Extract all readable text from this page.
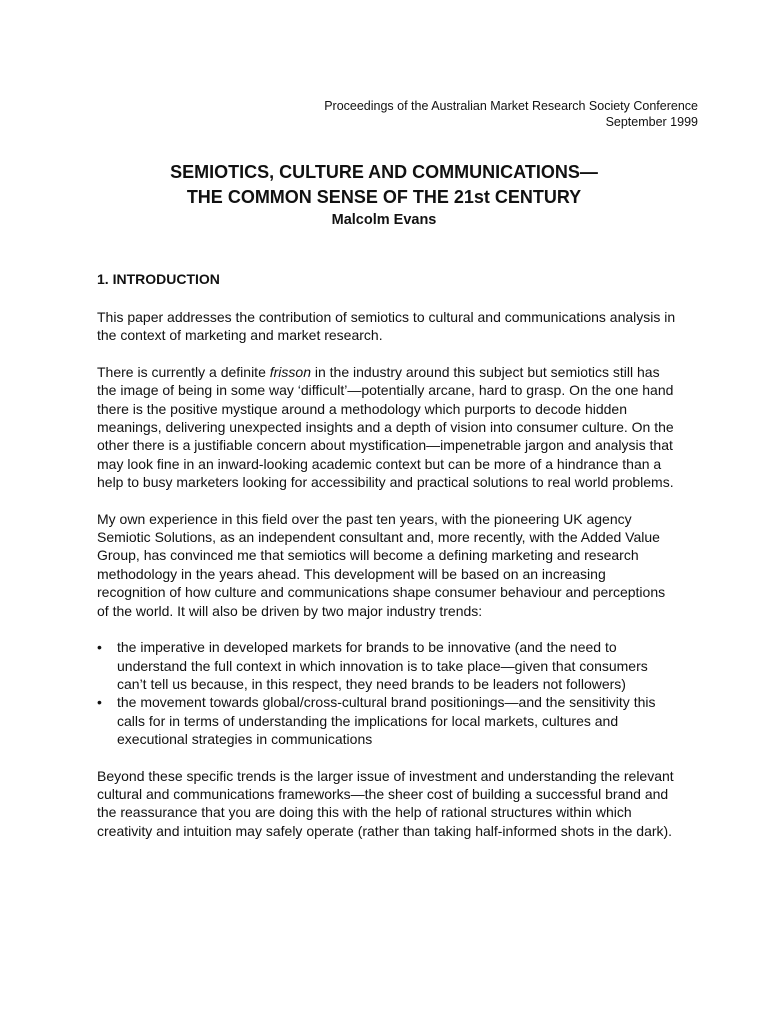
Proceedings of the Australian Market Research Society Conference
September 1999
SEMIOTICS, CULTURE AND COMMUNICATIONS—
THE COMMON SENSE OF THE 21st CENTURY
Malcolm Evans
1. INTRODUCTION

This paper addresses the contribution of semiotics to cultural and communications analysis in the context of marketing and market research.

There is currently a definite frisson in the industry around this subject but semiotics still has the image of being in some way ‘difficult’—potentially arcane, hard to grasp. On the one hand there is the positive mystique around a methodology which purports to decode hidden meanings, delivering unexpected insights and a depth of vision into consumer culture. On the other there is a justifiable concern about mystification—impenetrable jargon and analysis that may look fine in an inward-looking academic context but can be more of a hindrance than a help to busy marketers looking for accessibility and practical solutions to real world problems.

My own experience in this field over the past ten years, with the pioneering UK agency Semiotic Solutions, as an independent consultant and, more recently, with the Added Value Group, has convinced me that semiotics will become a defining marketing and research methodology in the years ahead. This development will be based on an increasing recognition of how culture and communications shape consumer behaviour and perceptions of the world. It will also be driven by two major industry trends:

• the imperative in developed markets for brands to be innovative (and the need to understand the full context in which innovation is to take place—given that consumers can’t tell us because, in this respect, they need brands to be leaders not followers)
• the movement towards global/cross-cultural brand positionings—and the sensitivity this calls for in terms of understanding the implications for local markets, cultures and executional strategies in communications

Beyond these specific trends is the larger issue of investment and understanding the relevant cultural and communications frameworks—the sheer cost of building a successful brand and the reassurance that you are doing this with the help of rational structures within which creativity and intuition may safely operate (rather than taking half-informed shots in the dark).
